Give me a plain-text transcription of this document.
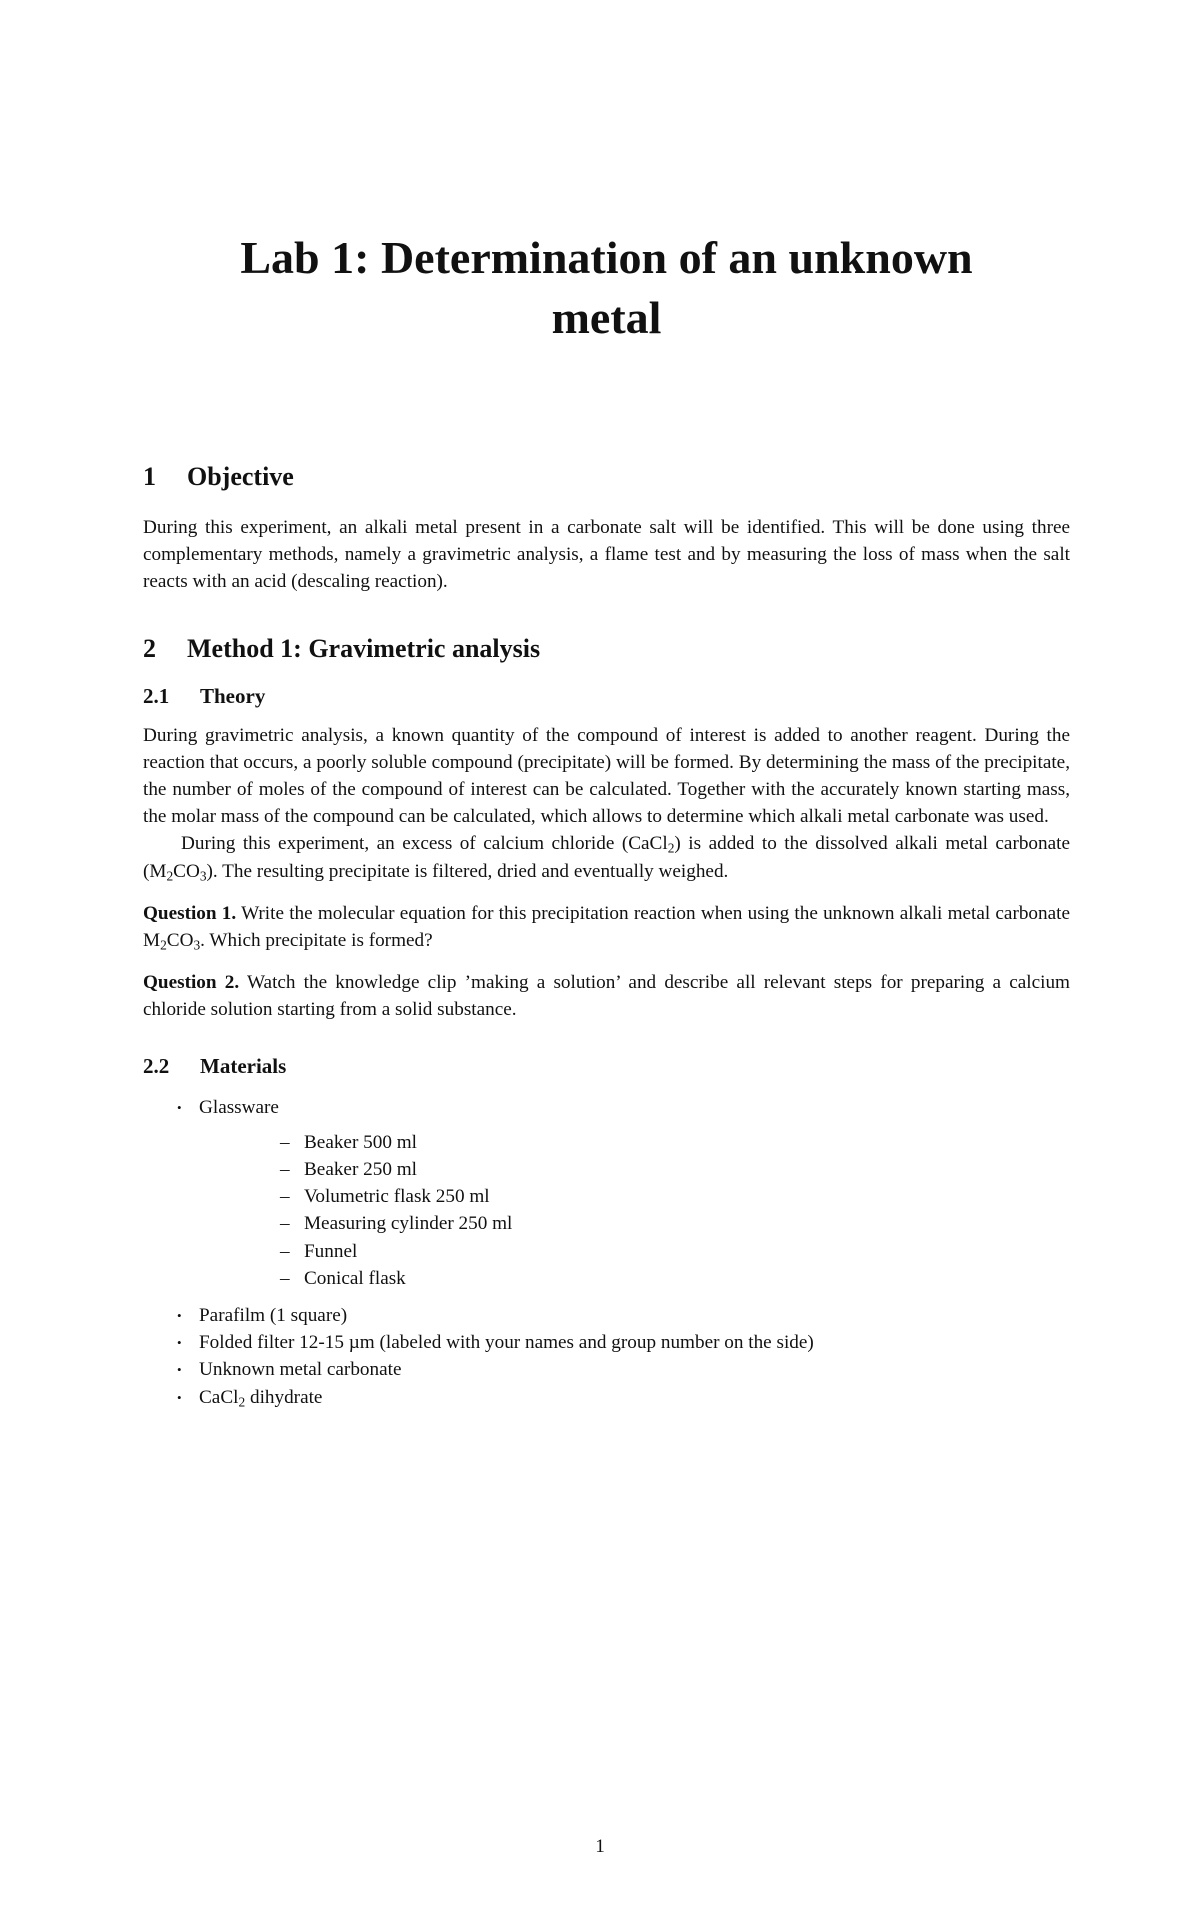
Lab 1: Determination of an unknown
metal
1 Objective

During this experiment, an alkali metal present in a carbonate salt will be identified. This will be done using three complementary methods, namely a gravimetric analysis, a flame test and by measuring the loss of mass when the salt reacts with an acid (descaling reaction).

2 Method 1: Gravimetric analysis
2.1 Theory

During gravimetric analysis, a known quantity of the compound of interest is added to another reagent. During the reaction that occurs, a poorly soluble compound (precipitate) will be formed. By determining the mass of the precipitate, the number of moles of the compound of interest can be calculated. Together with the accurately known starting mass, the molar mass of the compound can be calculated, which allows to determine which alkali metal carbonate was used.

During this experiment, an excess of calcium chloride (CaCl$_2$) is added to the dissolved alkali metal carbonate $(M_2CO_3)$. The resulting precipitate is filtered, dried and eventually weighed.

Question 1. Write the molecular equation for this precipitation reaction when using the unknown alkali metal carbonate $M_2CO_3$. Which precipitate is formed?

Question 2. Watch the knowledge clip ’making a solution’ and describe all relevant steps for preparing a calcium chloride solution starting from a solid substance.

2.2 Materials
• Glassware
– Beaker 500 ml
– Beaker 250 ml
– Volumetric flask 250 ml
– Measuring cylinder 250 ml
– Funnel
– Conical flask
• Parafilm (1 square)
• Folded filter 12-15 µm (labeled with your names and group number on the side)
• Unknown metal carbonate
• CaCl$_2$ dihydrate
1
